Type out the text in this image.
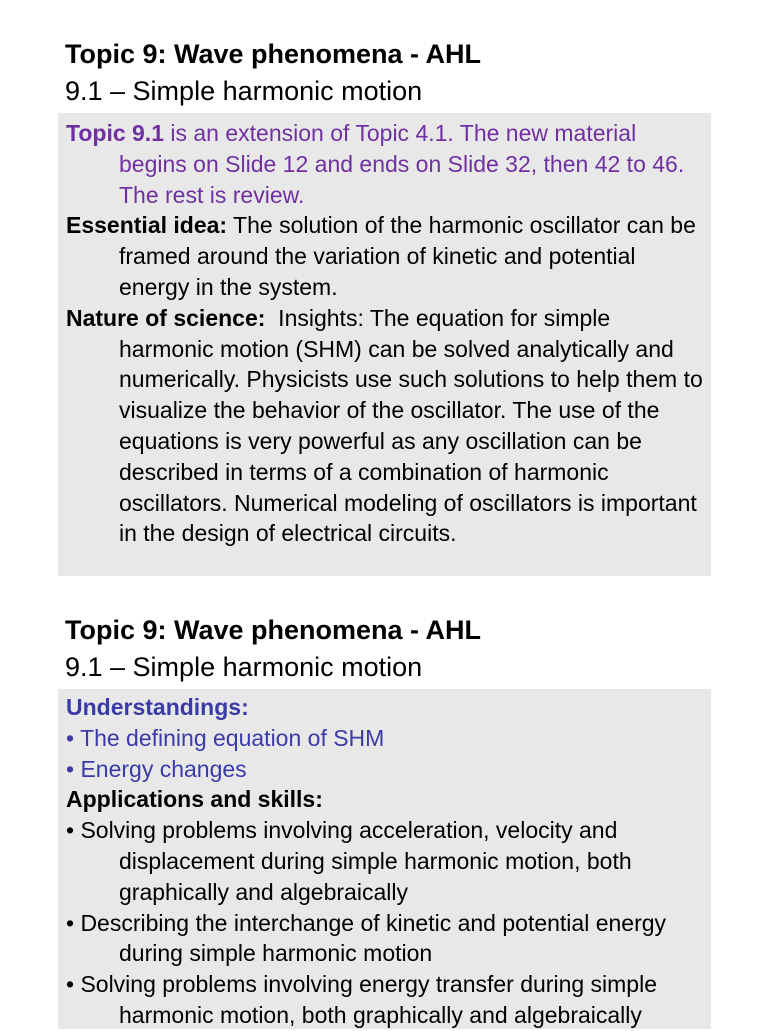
Topic 9: Wave phenomena - AHL
9.1 – Simple harmonic motion

Topic 9.1 is an extension of Topic 4.1. The new material begins on Slide 12 and ends on Slide 32, then 42 to 46. The rest is review.

Essential idea: The solution of the harmonic oscillator can be framed around the variation of kinetic and potential energy in the system.

Nature of science:  Insights: The equation for simple harmonic motion (SHM) can be solved analytically and numerically. Physicists use such solutions to help them to visualize the behavior of the oscillator. The use of the equations is very powerful as any oscillation can be described in terms of a combination of harmonic oscillators. Numerical modeling of oscillators is important in the design of electrical circuits.

Topic 9: Wave phenomena - AHL
9.1 – Simple harmonic motion

Understandings:

• The defining equation of SHM

• Energy changes

Applications and skills:

• Solving problems involving acceleration, velocity and displacement during simple harmonic motion, both graphically and algebraically

• Describing the interchange of kinetic and potential energy during simple harmonic motion

• Solving problems involving energy transfer during simple harmonic motion, both graphically and algebraically
